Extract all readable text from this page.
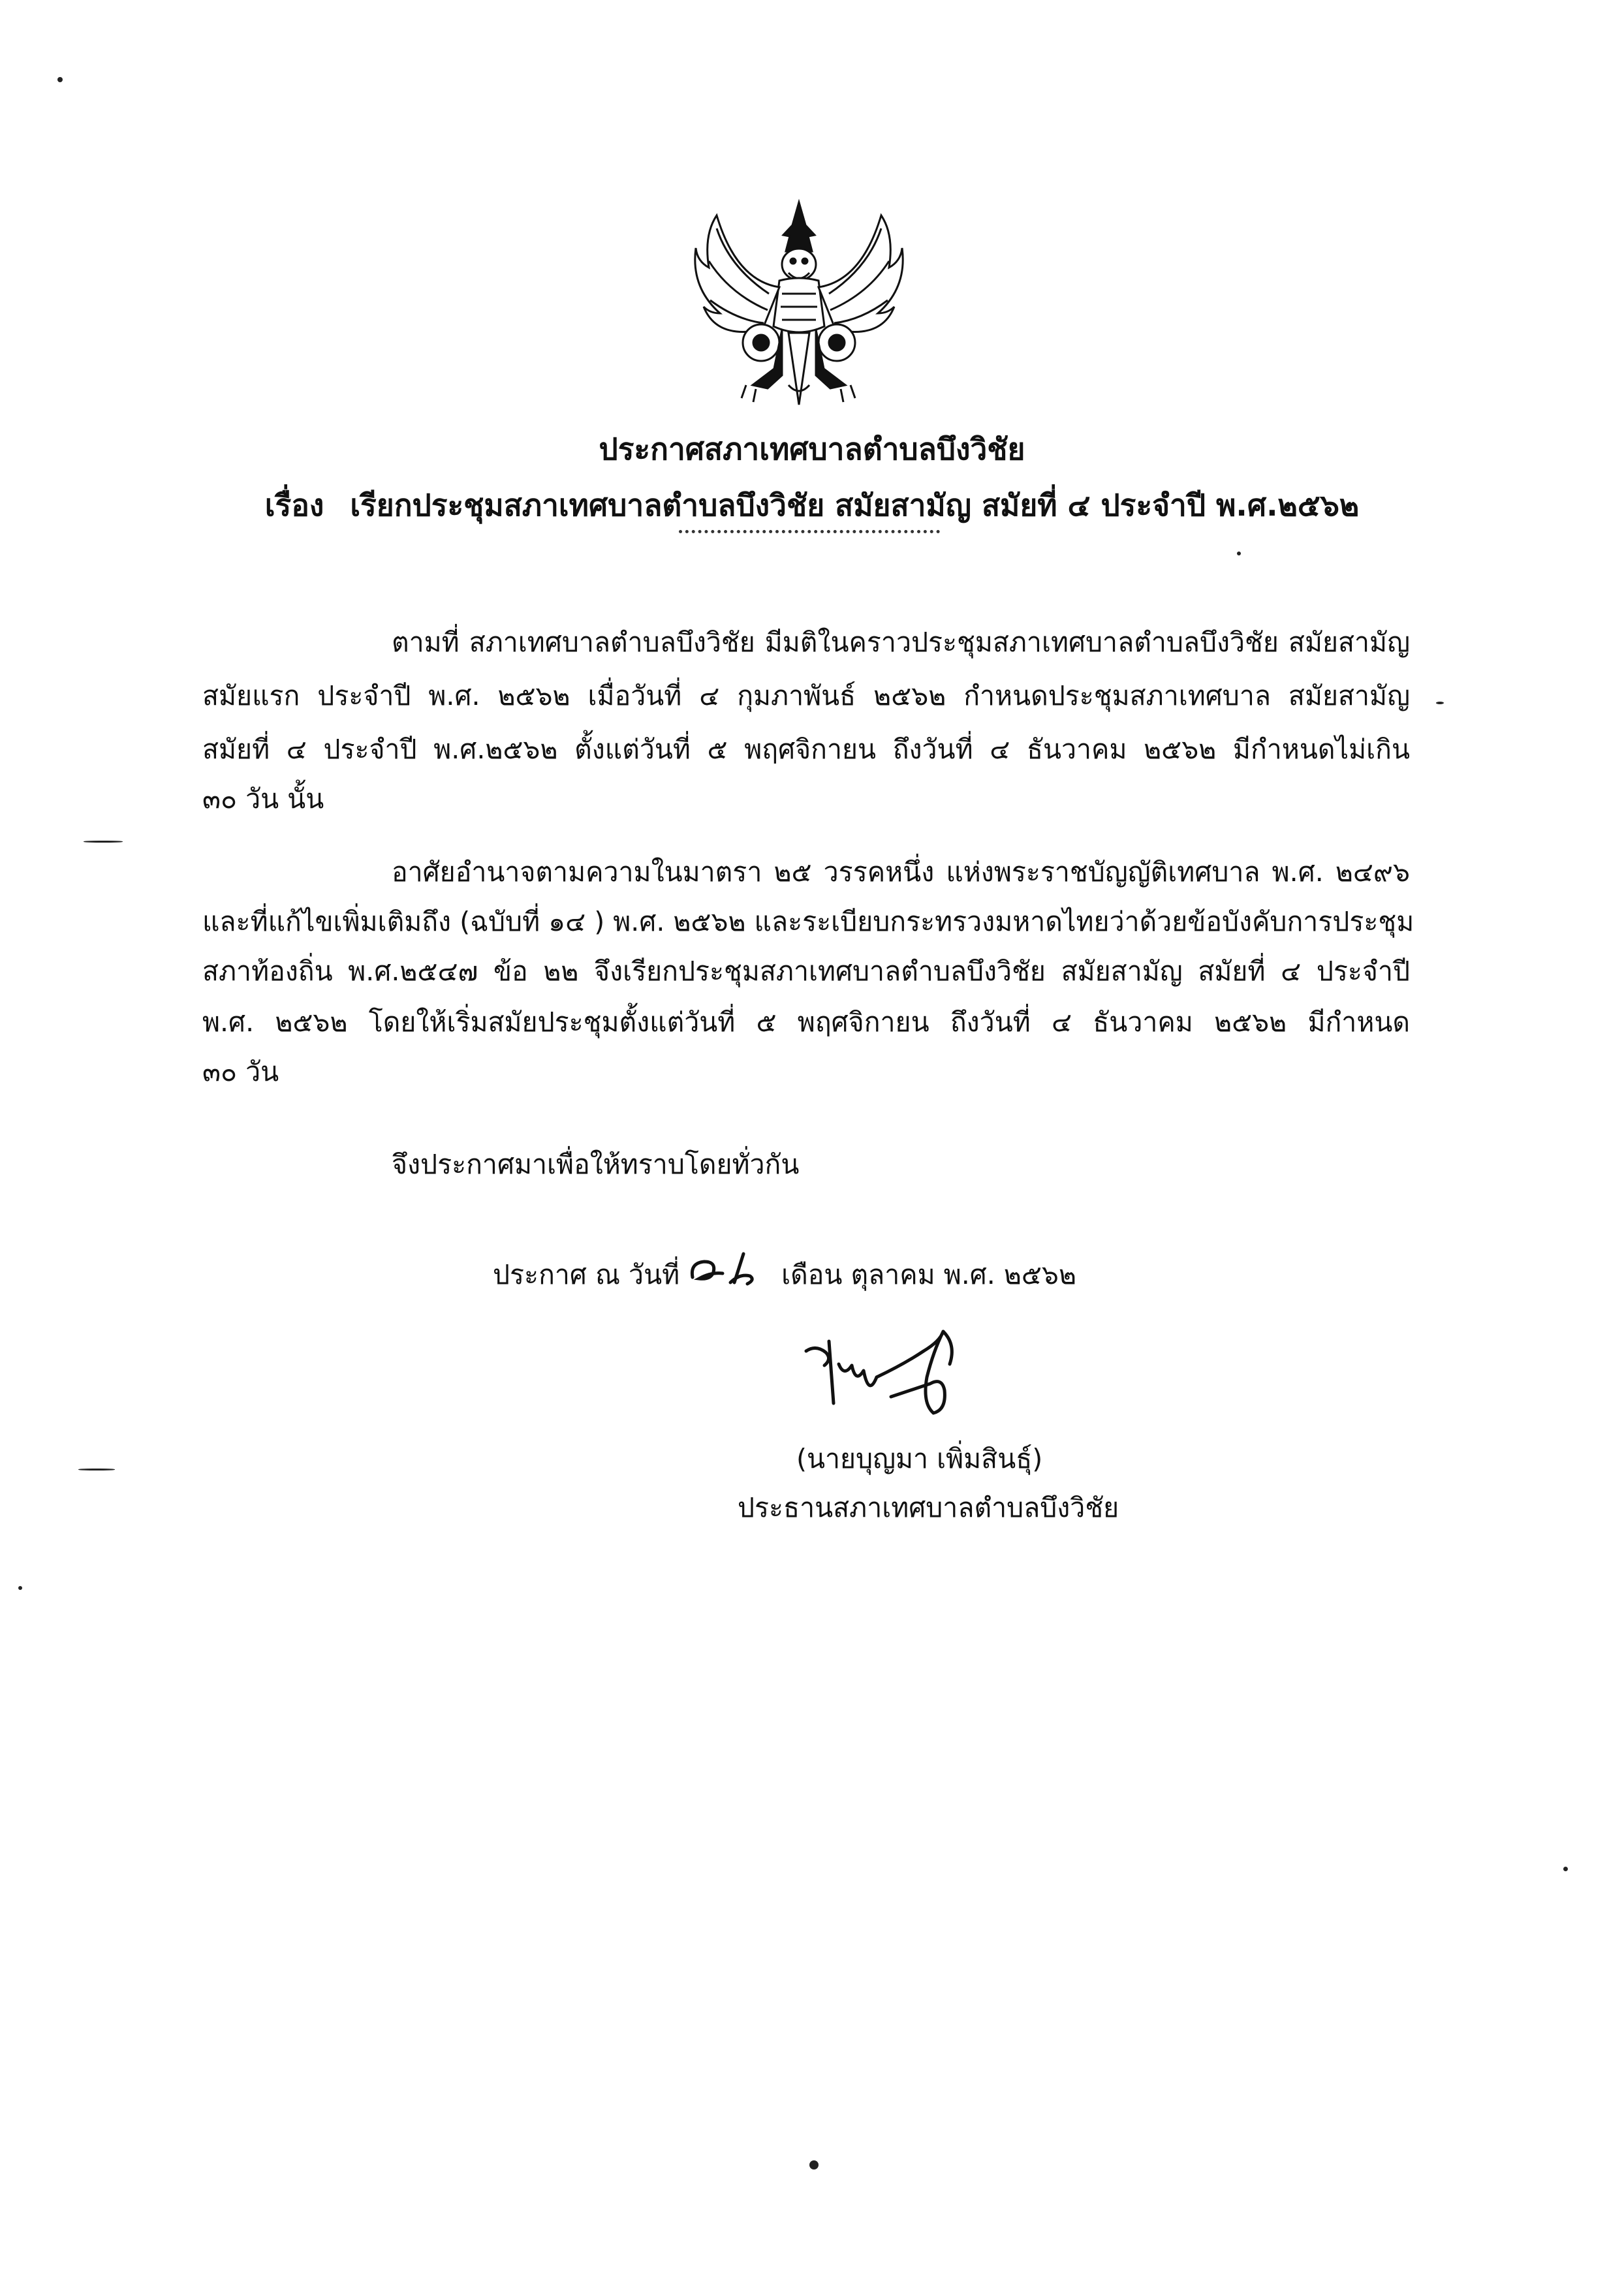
ประกาศสภาเทศบาลตำบลบึงวิชัย
เรื่อง เรียกประชุมสภาเทศบาลตำบลบึงวิชัย สมัยสามัญ สมัยที่ ๔ ประจำปี พ.ศ.๒๕๖๒
ตามที่ สภาเทศบาลตำบลบึงวิชัย มีมติในคราวประชุมสภาเทศบาลตำบลบึงวิชัย สมัยสามัญ
สมัยแรก ประจำปี พ.ศ. ๒๕๖๒ เมื่อวันที่ ๔ กุมภาพันธ์ ๒๕๖๒ กำหนดประชุมสภาเทศบาล สมัยสามัญ
สมัยที่ ๔ ประจำปี พ.ศ.๒๕๖๒ ตั้งแต่วันที่ ๕ พฤศจิกายน ถึงวันที่ ๔ ธันวาคม ๒๕๖๒ มีกำหนดไม่เกิน
๓๐ วัน นั้น
อาศัยอำนาจตามความในมาตรา ๒๕ วรรคหนึ่ง แห่งพระราชบัญญัติเทศบาล พ.ศ. ๒๔๙๖
และที่แก้ไขเพิ่มเติมถึง (ฉบับที่ ๑๔ ) พ.ศ. ๒๕๖๒ และระเบียบกระทรวงมหาดไทยว่าด้วยข้อบังคับการประชุม
สภาท้องถิ่น พ.ศ.๒๕๔๗ ข้อ ๒๒ จึงเรียกประชุมสภาเทศบาลตำบลบึงวิชัย สมัยสามัญ สมัยที่ ๔ ประจำปี
พ.ศ. ๒๕๖๒ โดยให้เริ่มสมัยประชุมตั้งแต่วันที่ ๕ พฤศจิกายน ถึงวันที่ ๔ ธันวาคม ๒๕๖๒ มีกำหนด
๓๐ วัน
จึงประกาศมาเพื่อให้ทราบโดยทั่วกัน
ประกาศ ณ วันที่	เดือน ตุลาคม พ.ศ. ๒๕๖๒
(นายบุญมา เพิ่มสินธุ์)
ประธานสภาเทศบาลตำบลบึงวิชัย
